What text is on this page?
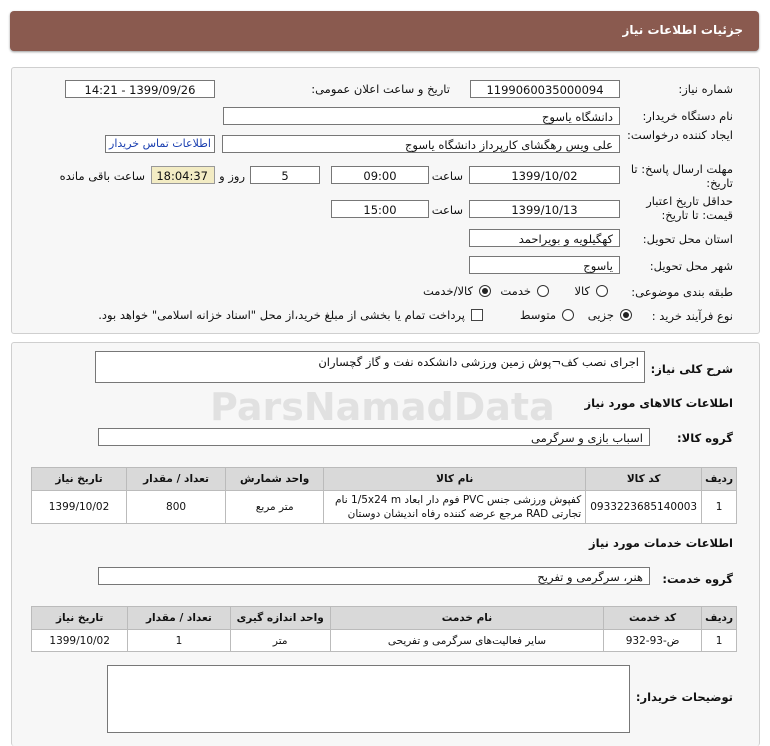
جزئیات اطلاعات نیاز
شماره نیاز:
1199060035000094
تاریخ و ساعت اعلان عمومی:
1399/09/26 - 14:21
نام دستگاه خریدار:
دانشگاه یاسوج
ایجاد کننده درخواست:
علی ویس رهگشای کارپرداز دانشگاه یاسوج
اطلاعات تماس خریدار
مهلت ارسال پاسخ: تا تاریخ:
1399/10/02
ساعت
09:00
5
روز و
18:04:37
ساعت باقی مانده
حداقل تاریخ اعتبار قیمت: تا تاریخ:
1399/10/13
ساعت
15:00
استان محل تحویل:
کهگیلویه و بویراحمد
شهر محل تحویل:
یاسوج
طبقه بندی موضوعی:
کالا
خدمت
کالا/خدمت
نوع فرآیند خرید :
جزیی
متوسط
پرداخت تمام یا بخشی از مبلغ خرید،از محل "اسناد خزانه اسلامی" خواهد بود.
شرح کلی نیاز:
اجرای نصب کف¬پوش زمین ورزشی دانشکده نفت و گاز گچساران
اطلاعات کالاهای مورد نیاز
گروه کالا:
اسباب بازی و سرگرمی
ردیف	کد کالا	نام کالا	واحد شمارش	تعداد / مقدار	تاریخ نیاز
1	0933223685140003	کفپوش ورزشی جنس PVC فوم دار ابعاد 1/5x24 m نام تجارتی RAD مرجع عرضه کننده رفاه اندیشان دوستان	متر مربع	800	1399/10/02
اطلاعات خدمات مورد نیاز
گروه خدمت:
هنر، سرگرمی و تفریح
ردیف	کد خدمت	نام خدمت	واحد اندازه گیری	تعداد / مقدار	تاریخ نیاز
1	ض-93-932	سایر فعالیت‌های سرگرمی و تفریحی	متر	1	1399/10/02
توضیحات خریدار:
ParsNamadData
